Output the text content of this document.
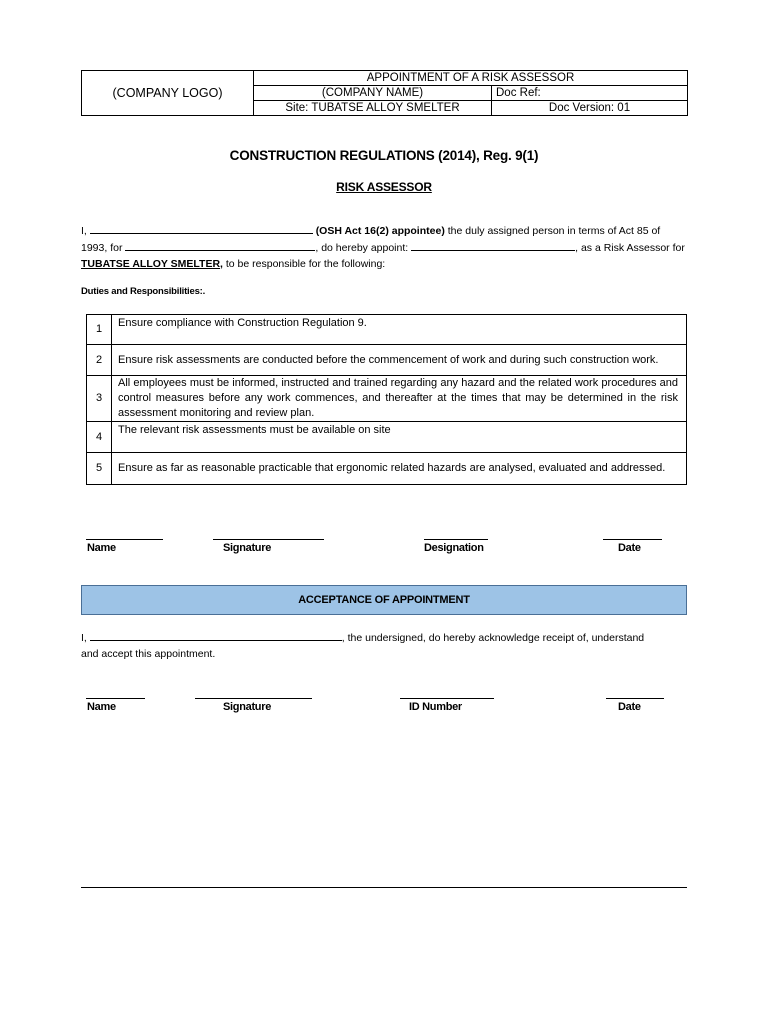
(COMPANY LOGO)	APPOINTMENT OF A RISK ASSESSOR	
	(COMPANY NAME)	Doc Ref:
	Site: TUBATSE ALLOY SMELTER	Doc Version: 01
CONSTRUCTION REGULATIONS (2014), Reg. 9(1)
RISK ASSESSOR
I,	(OSH Act 16(2) appointee) the duly assigned person in terms of Act 85 of
1993, for	, do hereby appoint:	, as a Risk Assessor for
TUBATSE ALLOY SMELTER, to be responsible for the following:
Duties and Responsibilities:.
1	Ensure compliance with Construction Regulation 9.
2	Ensure risk assessments are conducted before the commencement of work and during such construction work.
3	All employees must be informed, instructed and trained regarding any hazard and the related work procedures and control measures before any work commences, and thereafter at the times that may be determined in the risk assessment monitoring and review plan.
4	The relevant risk assessments must be available on site
5	Ensure as far as reasonable practicable that ergonomic related hazards are analysed, evaluated and addressed.
Name	Signature	Designation	Date
ACCEPTANCE OF APPOINTMENT
I,	, the undersigned, do hereby acknowledge receipt of, understand
and accept this appointment.
Name	Signature	ID Number	Date
